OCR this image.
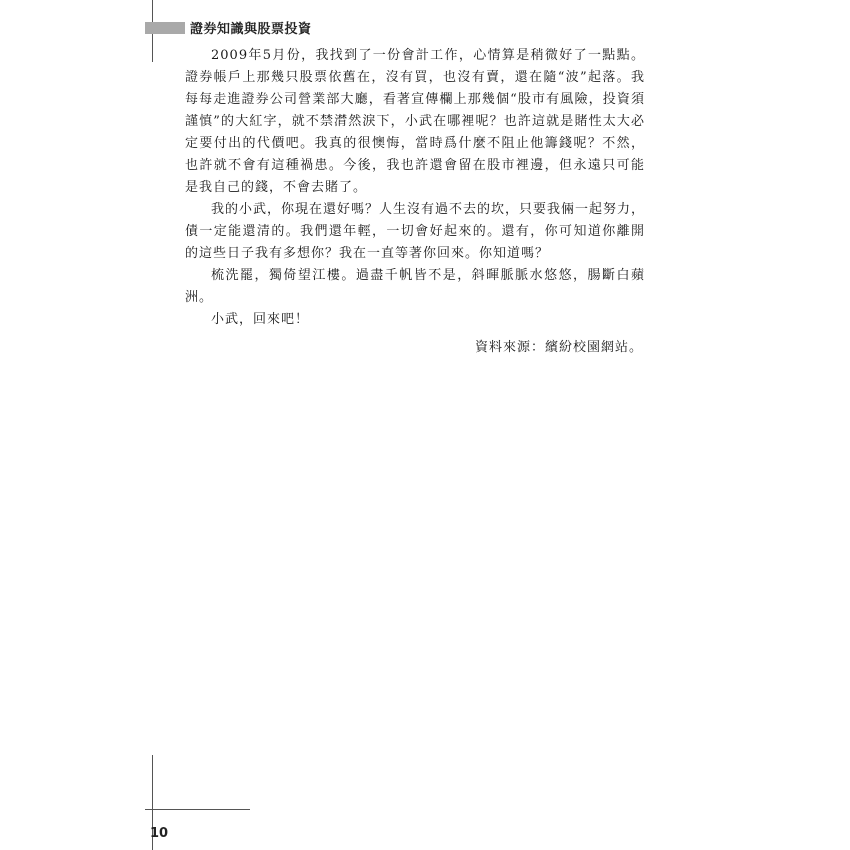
證券知識與股票投資

2009年5月份，我找到了一份會計工作，心情算是稍微好了一點點。證券帳戶上那幾只股票依舊在，沒有買，也沒有賣，還在隨“波”起落。我每每走進證券公司營業部大廳，看著宣傳欄上那幾個“股市有風險，投資須謹慎”的大紅字，就不禁潸然淚下，小武在哪裡呢？也許這就是賭性太大必定要付出的代價吧。我真的很懊悔，當時爲什麼不阻止他籌錢呢？不然，也許就不會有這種禍患。今後，我也許還會留在股市裡邊，但永遠只可能是我自己的錢，不會去賭了。

我的小武，你現在還好嗎？人生沒有過不去的坎，只要我倆一起努力，債一定能還清的。我們還年輕，一切會好起來的。還有，你可知道你離開的這些日子我有多想你？我在一直等著你回來。你知道嗎？

梳洗罷，獨倚望江樓。過盡千帆皆不是，斜暉脈脈水悠悠，腸斷白蘋洲。

小武，回來吧！

資料來源：繽紛校園網站。
10
